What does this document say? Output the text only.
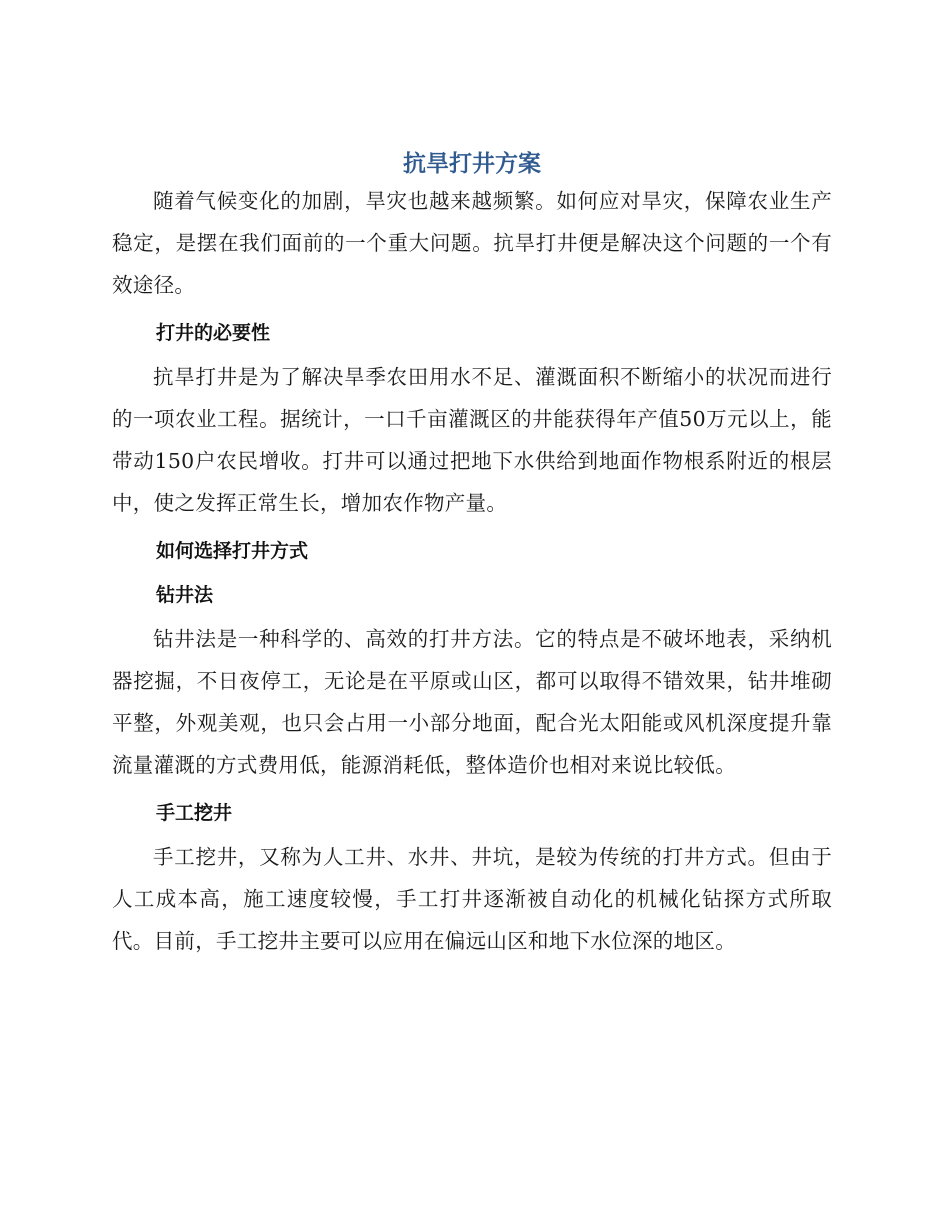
抗旱打井方案

随着气候变化的加剧，旱灾也越来越频繁。如何应对旱灾，保障农业生产稳定，是摆在我们面前的一个重大问题。抗旱打井便是解决这个问题的一个有效途径。

打井的必要性

抗旱打井是为了解决旱季农田用水不足、灌溉面积不断缩小的状况而进行的一项农业工程。据统计，一口千亩灌溉区的井能获得年产值50万元以上，能带动150户农民增收。打井可以通过把地下水供给到地面作物根系附近的根层中，使之发挥正常生长，增加农作物产量。

如何选择打井方式
钻井法

钻井法是一种科学的、高效的打井方法。它的特点是不破坏地表，采纳机器挖掘，不日夜停工，无论是在平原或山区，都可以取得不错效果，钻井堆砌平整，外观美观，也只会占用一小部分地面，配合光太阳能或风机深度提升靠流量灌溉的方式费用低，能源消耗低，整体造价也相对来说比较低。

手工挖井

手工挖井，又称为人工井、水井、井坑，是较为传统的打井方式。但由于人工成本高，施工速度较慢，手工打井逐渐被自动化的机械化钻探方式所取代。目前，手工挖井主要可以应用在偏远山区和地下水位深的地区。
